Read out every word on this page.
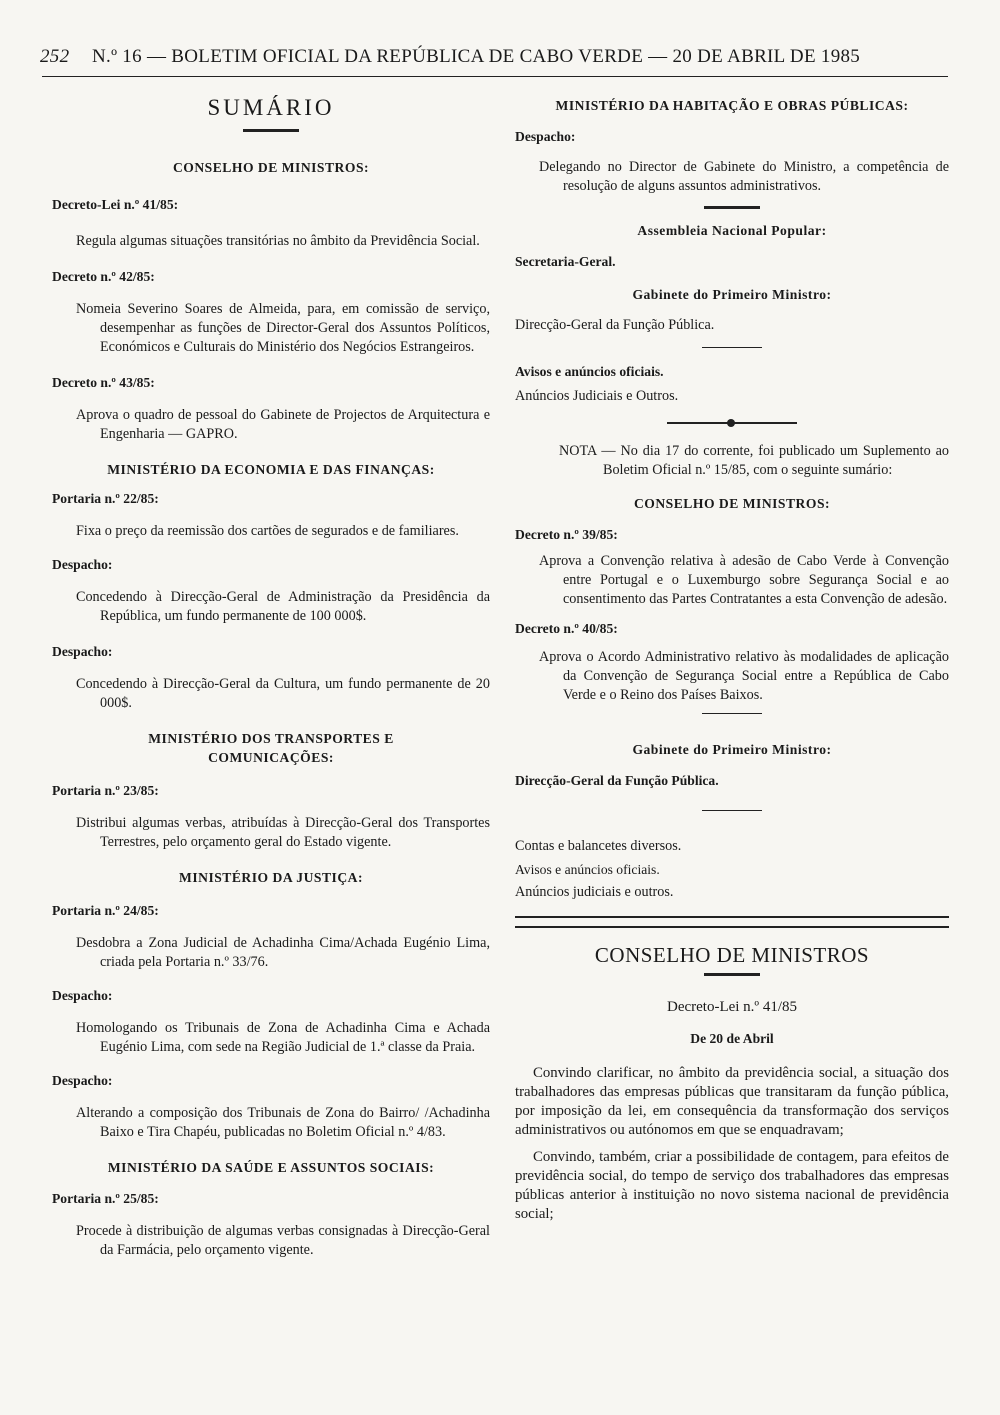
252 N.º 16 — BOLETIM OFICIAL DA REPÚBLICA DE CABO VERDE — 20 DE ABRIL DE 1985
SUMÁRIO
CONSELHO DE MINISTROS:
Decreto-Lei n.º 41/85:
Regula algumas situações transitórias no âmbito da Previdência Social.
Decreto n.º 42/85:
Nomeia Severino Soares de Almeida, para, em comissão de serviço, desempenhar as funções de Director-Geral dos Assuntos Políticos, Económicos e Culturais do Ministério dos Negócios Estrangeiros.
Decreto n.º 43/85:
Aprova o quadro de pessoal do Gabinete de Projectos de Arquitectura e Engenharia — GAPRO.
MINISTÉRIO DA ECONOMIA E DAS FINANÇAS:
Portaria n.º 22/85:
Fixa o preço da reemissão dos cartões de segurados e de familiares.
Despacho:
Concedendo à Direcção-Geral de Administração da Presidência da República, um fundo permanente de 100 000$.
Despacho:
Concedendo à Direcção-Geral da Cultura, um fundo permanente de 20 000$.
MINISTÉRIO DOS TRANSPORTES E COMUNICAÇÕES:
Portaria n.º 23/85:
Distribui algumas verbas, atribuídas à Direcção-Geral dos Transportes Terrestres, pelo orçamento geral do Estado vigente.
MINISTÉRIO DA JUSTIÇA:
Portaria n.º 24/85:
Desdobra a Zona Judicial de Achadinha Cima/Achada Eugénio Lima, criada pela Portaria n.º 33/76.
Despacho:
Homologando os Tribunais de Zona de Achadinha Cima e Achada Eugénio Lima, com sede na Região Judicial de 1.ª classe da Praia.
Despacho:
Alterando a composição dos Tribunais de Zona do Bairro/ /Achadinha Baixo e Tira Chapéu, publicadas no Boletim Oficial n.º 4/83.
MINISTÉRIO DA SAÚDE E ASSUNTOS SOCIAIS:
Portaria n.º 25/85:
Procede à distribuição de algumas verbas consignadas à Direcção-Geral da Farmácia, pelo orçamento vigente.
MINISTÉRIO DA HABITAÇÃO E OBRAS PÚBLICAS:
Despacho:
Delegando no Director de Gabinete do Ministro, a competência de resolução de alguns assuntos administrativos.
Assembleia Nacional Popular:
Secretaria-Geral.
Gabinete do Primeiro Ministro:
Direcção-Geral da Função Pública.
Avisos e anúncios oficiais.
Anúncios Judiciais e Outros.
NOTA — No dia 17 do corrente, foi publicado um Suplemento ao Boletim Oficial n.º 15/85, com o seguinte sumário:
CONSELHO DE MINISTROS:
Decreto n.º 39/85:
Aprova a Convenção relativa à adesão de Cabo Verde à Convenção entre Portugal e o Luxemburgo sobre Segurança Social e ao consentimento das Partes Contratantes a esta Convenção de adesão.
Decreto n.º 40/85:
Aprova o Acordo Administrativo relativo às modalidades de aplicação da Convenção de Segurança Social entre a República de Cabo Verde e o Reino dos Países Baixos.
Gabinete do Primeiro Ministro:
Direcção-Geral da Função Pública.
Contas e balancetes diversos.
Avisos e anúncios oficiais.
Anúncios judiciais e outros.
CONSELHO DE MINISTROS
Decreto-Lei n.º 41/85
De 20 de Abril
Convindo clarificar, no âmbito da previdência social, a situação dos trabalhadores das empresas públicas que transitaram da função pública, por imposição da lei, em consequência da transformação dos serviços administrativos ou autónomos em que se enquadravam;
Convindo, também, criar a possibilidade de contagem, para efeitos de previdência social, do tempo de serviço dos trabalhadores das empresas públicas anterior à instituição no novo sistema nacional de previdência social;
